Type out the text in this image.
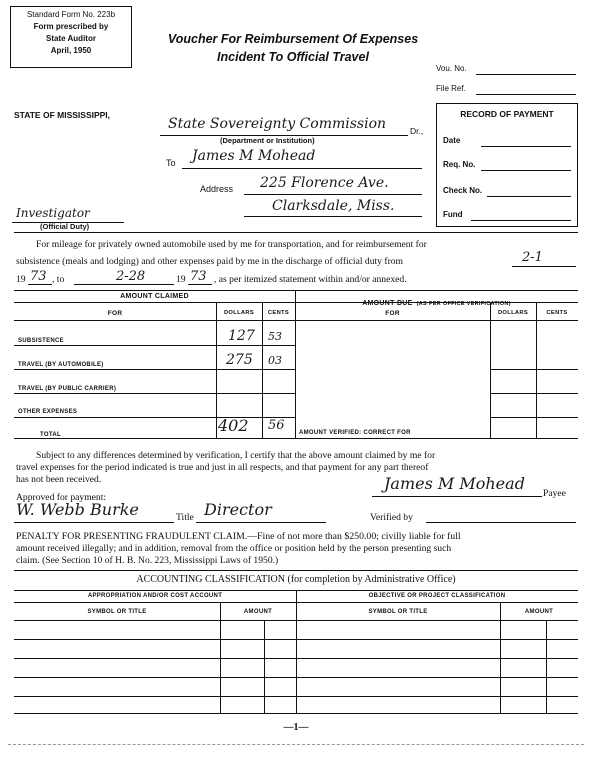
Standard Form No. 223b
Form prescribed by
State Auditor
April, 1950
Voucher For Reimbursement Of Expenses
Incident To Official Travel
Vou. No.
File Ref.
STATE OF MISSISSIPPI,
State Sovereignty Commission	Dr.,
(Department or Institution)
To James M Mohead
Address 225 Florence Ave.
Clarksdale, Miss.
Investigator
(Official Duty)
RECORD OF PAYMENT
Date
Req. No.
Check No.
Fund
For mileage for privately owned automobile used by me for transportation, and for reimbursement for
subsistence (meals and lodging) and other expenses paid by me in the discharge of official duty from	2-1
19 73 , to	2-28	19 73 , as per itemized statement within and/or annexed.
AMOUNT CLAIMED
AMOUNT DUE (AS PER OFFICE VERIFICATION)
FOR	DOLLARS	CENTS	FOR	DOLLARS	CENTS
SUBSISTENCE	127 53
TRAVEL (BY AUTOMOBILE)	275 03
TRAVEL (BY PUBLIC CARRIER)
OTHER EXPENSES
TOTAL	402 56 AMOUNT VERIFIED: CORRECT FOR
Subject to any differences determined by verification, I certify that the above amount claimed by me for
travel expenses for the period indicated is true and just in all respects, and that payment for any part thereof
has not been received.	James M Mohead
Payee
Approved for payment:
W. Webb Burke	Title Director	Verified by
PENALTY FOR PRESENTING FRAUDULENT CLAIM.—Fine of not more than $250.00; civilly liable for full
amount received illegally; and in addition, removal from the office or position held by the person presenting such
claim. (See Section 10 of H. B. No. 223, Mississippi Laws of 1950.)
ACCOUNTING CLASSIFICATION (for completion by Administrative Office)
APPROPRIATION AND/OR COST ACCOUNT	OBJECTIVE OR PROJECT CLASSIFICATION
SYMBOL OR TITLE	AMOUNT	SYMBOL OR TITLE	AMOUNT
—1—
